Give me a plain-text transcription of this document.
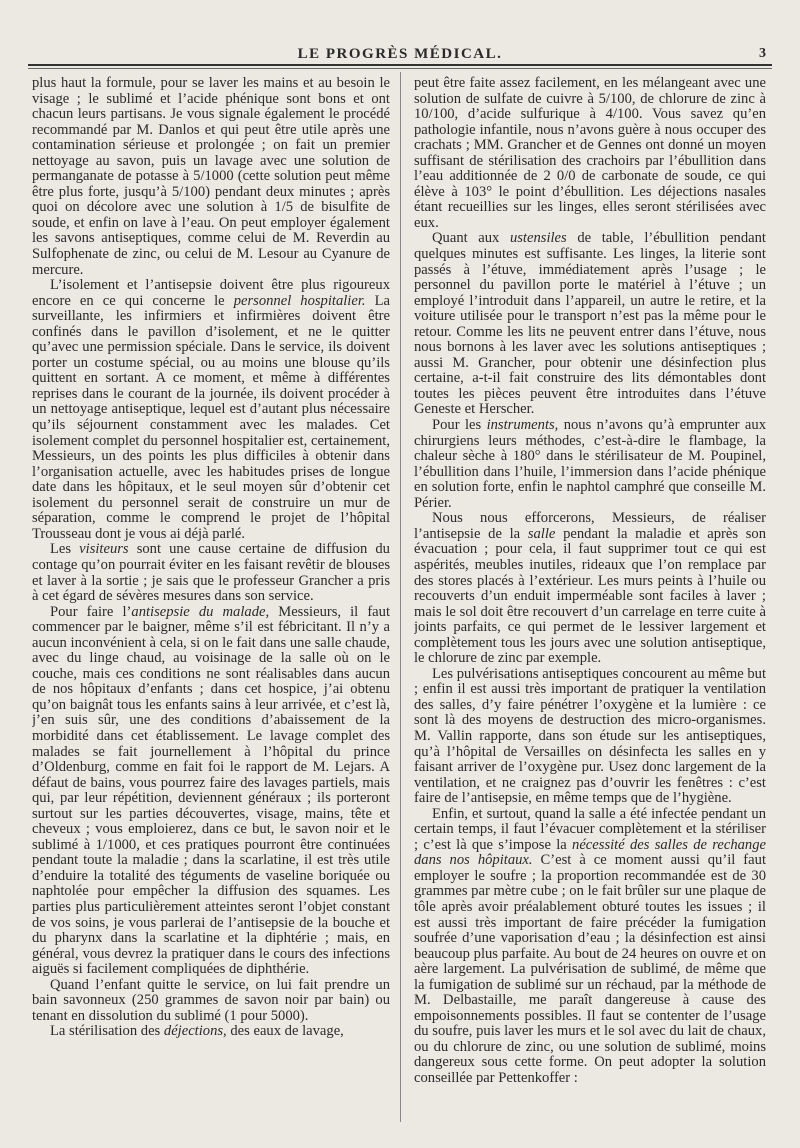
LE PROGRÈS MÉDICAL.	3

plus haut la formule, pour se laver les mains et au besoin le visage ; le sublimé et l’acide phénique sont bons et ont chacun leurs partisans. Je vous signale également le procédé recommandé par M. Danlos et qui peut être utile après une contamination sérieuse et prolongée ; on fait un premier nettoyage au savon, puis un lavage avec une solution de permanganate de potasse à 5/1000 (cette solution peut même être plus forte, jusqu’à 5/100) pendant deux minutes ; après quoi on décolore avec une solution à 1/5 de bisulfite de soude, et enfin on lave à l’eau. On peut employer également les savons antiseptiques, comme celui de M. Reverdin au Sulfophenate de zinc, ou celui de M. Lesour au Cyanure de mercure.

L’isolement et l’antisepsie doivent être plus rigoureux encore en ce qui concerne le personnel hospitalier. La surveillante, les infirmiers et infirmières doivent être confinés dans le pavillon d’isolement, et ne le quitter qu’avec une permission spéciale. Dans le service, ils doivent porter un costume spécial, ou au moins une blouse qu’ils quittent en sortant. A ce moment, et même à différentes reprises dans le courant de la journée, ils doivent procéder à un nettoyage antiseptique, lequel est d’autant plus nécessaire qu’ils séjournent constamment avec les malades. Cet isolement complet du personnel hospitalier est, certainement, Messieurs, un des points les plus difficiles à obtenir dans l’organisation actuelle, avec les habitudes prises de longue date dans les hôpitaux, et le seul moyen sûr d’obtenir cet isolement du personnel serait de construire un mur de séparation, comme le comprend le projet de l’hôpital Trousseau dont je vous ai déjà parlé.

Les visiteurs sont une cause certaine de diffusion du contage qu’on pourrait éviter en les faisant revêtir de blouses et laver à la sortie ; je sais que le professeur Grancher a pris à cet égard de sévères mesures dans son service.

Pour faire l’antisepsie du malade, Messieurs, il faut commencer par le baigner, même s’il est fébricitant. Il n’y a aucun inconvénient à cela, si on le fait dans une salle chaude, avec du linge chaud, au voisinage de la salle où on le couche, mais ces conditions ne sont réalisables dans aucun de nos hôpitaux d’enfants ; dans cet hospice, j’ai obtenu qu’on baignât tous les enfants sains à leur arrivée, et c’est là, j’en suis sûr, une des conditions d’abaissement de la morbidité dans cet établissement. Le lavage complet des malades se fait journellement à l’hôpital du prince d’Oldenburg, comme en fait foi le rapport de M. Lejars. A défaut de bains, vous pourrez faire des lavages partiels, mais qui, par leur répétition, deviennent généraux ; ils porteront surtout sur les parties découvertes, visage, mains, tête et cheveux ; vous emploierez, dans ce but, le savon noir et le sublimé à 1/1000, et ces pratiques pourront être continuées pendant toute la maladie ; dans la scarlatine, il est très utile d’enduire la totalité des téguments de vaseline boriquée ou naphtolée pour empêcher la diffusion des squames. Les parties plus particulièrement atteintes seront l’objet constant de vos soins, je vous parlerai de l’antisepsie de la bouche et du pharynx dans la scarlatine et la diphtérie ; mais, en général, vous devrez la pratiquer dans le cours des infections aiguës si facilement compliquées de diphthérie.

Quand l’enfant quitte le service, on lui fait prendre un bain savonneux (250 grammes de savon noir par bain) ou tenant en dissolution du sublimé (1 pour 5000).

La stérilisation des déjections, des eaux de lavage,

peut être faite assez facilement, en les mélangeant avec une solution de sulfate de cuivre à 5/100, de chlorure de zinc à 10/100, d’acide sulfurique à 4/100. Vous savez qu’en pathologie infantile, nous n’avons guère à nous occuper des crachats ; MM. Grancher et de Gennes ont donné un moyen suffisant de stérilisation des crachoirs par l’ébullition dans l’eau additionnée de 2 0/0 de carbonate de soude, ce qui élève à 103° le point d’ébullition. Les déjections nasales étant recueillies sur les linges, elles seront stérilisées avec eux.

Quant aux ustensiles de table, l’ébullition pendant quelques minutes est suffisante. Les linges, la literie sont passés à l’étuve, immédiatement après l’usage ; le personnel du pavillon porte le matériel à l’étuve ; un employé l’introduit dans l’appareil, un autre le retire, et la voiture utilisée pour le transport n’est pas la même pour le retour. Comme les lits ne peuvent entrer dans l’étuve, nous nous bornons à les laver avec les solutions antiseptiques ; aussi M. Grancher, pour obtenir une désinfection plus certaine, a-t-il fait construire des lits démontables dont toutes les pièces peuvent être introduites dans l’étuve Geneste et Herscher.

Pour les instruments, nous n’avons qu’à emprunter aux chirurgiens leurs méthodes, c’est-à-dire le flambage, la chaleur sèche à 180° dans le stérilisateur de M. Poupinel, l’ébullition dans l’huile, l’immersion dans l’acide phénique en solution forte, enfin le naphtol camphré que conseille M. Périer.

Nous nous efforcerons, Messieurs, de réaliser l’antisepsie de la salle pendant la maladie et après son évacuation ; pour cela, il faut supprimer tout ce qui est aspérités, meubles inutiles, rideaux que l’on remplace par des stores placés à l’extérieur. Les murs peints à l’huile ou recouverts d’un enduit imperméable sont faciles à laver ; mais le sol doit être recouvert d’un carrelage en terre cuite à joints parfaits, ce qui permet de le lessiver largement et complètement tous les jours avec une solution antiseptique, le chlorure de zinc par exemple.

Les pulvérisations antiseptiques concourent au même but ; enfin il est aussi très important de pratiquer la ventilation des salles, d’y faire pénétrer l’oxygène et la lumière : ce sont là des moyens de destruction des micro-organismes. M. Vallin rapporte, dans son étude sur les antiseptiques, qu’à l’hôpital de Versailles on désinfecta les salles en y faisant arriver de l’oxygène pur. Usez donc largement de la ventilation, et ne craignez pas d’ouvrir les fenêtres : c’est faire de l’antisepsie, en même temps que de l’hygiène.

Enfin, et surtout, quand la salle a été infectée pendant un certain temps, il faut l’évacuer complètement et la stériliser ; c’est là que s’impose la nécessité des salles de rechange dans nos hôpitaux. C’est à ce moment aussi qu’il faut employer le soufre ; la proportion recommandée est de 30 grammes par mètre cube ; on le fait brûler sur une plaque de tôle après avoir préalablement obturé toutes les issues ; il est aussi très important de faire précéder la fumigation soufrée d’une vaporisation d’eau ; la désinfection est ainsi beaucoup plus parfaite. Au bout de 24 heures on ouvre et on aère largement. La pulvérisation de sublimé, de même que la fumigation de sublimé sur un réchaud, par la méthode de M. Delbastaille, me paraît dangereuse à cause des empoisonnements possibles. Il faut se contenter de l’usage du soufre, puis laver les murs et le sol avec du lait de chaux, ou du chlorure de zinc, ou une solution de sublimé, moins dangereux sous cette forme. On peut adopter la solution conseillée par Pettenkoffer :
